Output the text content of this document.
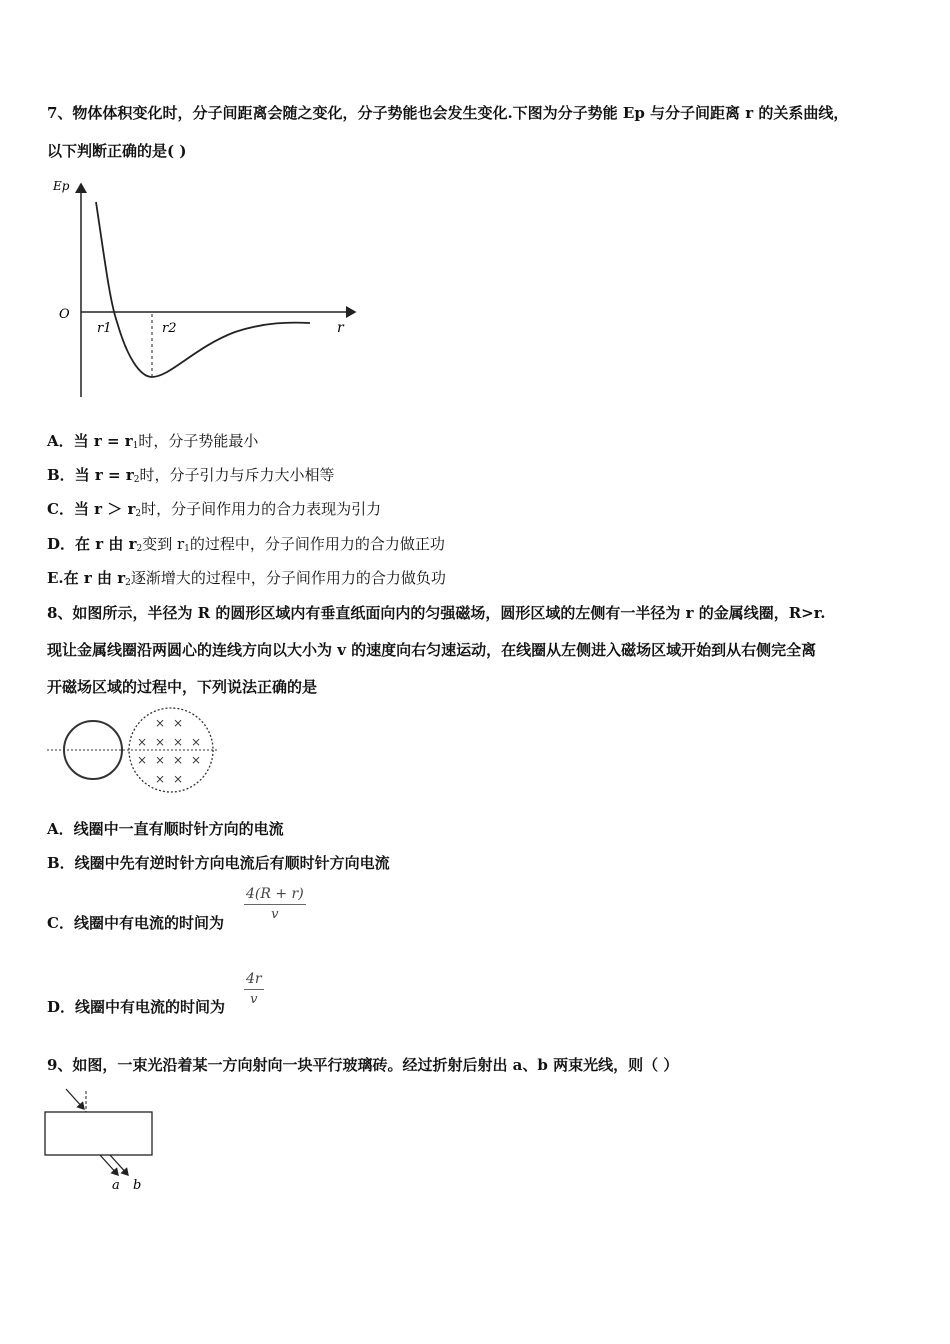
7、物体体积变化时，分子间距离会随之变化，分子势能也会发生变化.下图为分子势能 Ep 与分子间距离 r 的关系曲线，
以下判断正确的是( )
Ep
O
r
r1	r2
A．当 $r = r_1$时，分子势能最小
B．当 $r = r_2$时，分子引力与斥力大小相等
C．当 $r > r_2$时，分子间作用力的合力表现为引力
D．在 r 由 $r_2$变到 $r_1$的过程中，分子间作用力的合力做正功
E.在 r 由 $r_2$逐渐增大的过程中，分子间作用力的合力做负功
8、如图所示，半径为 R 的圆形区域内有垂直纸面向内的匀强磁场，圆形区域的左侧有一半径为 r 的金属线圈，R>r.
现让金属线圈沿两圆心的连线方向以大小为 v 的速度向右匀速运动，在线圈从左侧进入磁场区域开始到从右侧完全离
开磁场区域的过程中，下列说法正确的是
× ×
× × × ×
× × × ×
× ×
A．线圈中一直有顺时针方向的电流
B．线圈中先有逆时针方向电流后有顺时针方向电流
C．线圈中有电流的时间为
4(R + r)
v
D．线圈中有电流的时间为
4r
v
9、如图，一束光沿着某一方向射向一块平行玻璃砖。经过折射后射出 a、b 两束光线，则（ ）
a b
